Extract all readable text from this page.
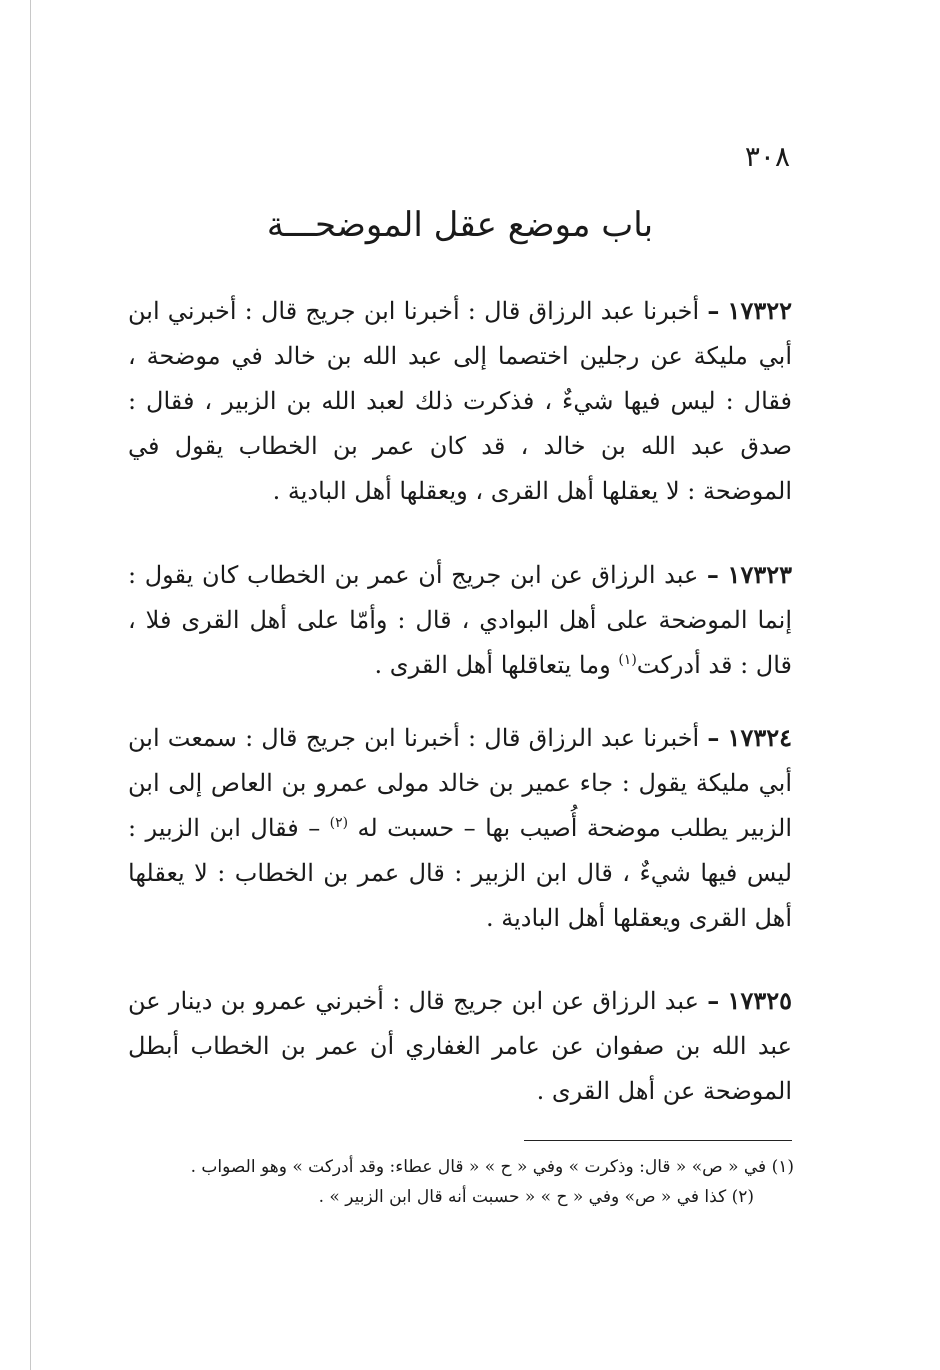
٣٠٨
باب موضع عقل الموضحـــة

١٧٣٢٢ – أخبرنا عبد الرزاق قال : أخبرنا ابن جريج قال : أخبرني ابن أبي مليكة عن رجلين اختصما إلى عبد الله بن خالد في موضحة ، فقال : ليس فيها شيءٌ ، فذكرت ذلك لعبد الله بن الزبير ، فقال : صدق عبد الله بن خالد ، قد كان عمر بن الخطاب يقول في الموضحة : لا يعقلها أهل القرى ، ويعقلها أهل البادية .

١٧٣٢٣ – عبد الرزاق عن ابن جريج أن عمر بن الخطاب كان يقول : إنما الموضحة على أهل البوادي ، قال : وأمّا على أهل القرى فلا ، قال : قد أدركت$^{(١)}$ وما يتعاقلها أهل القرى .

١٧٣٢٤ – أخبرنا عبد الرزاق قال : أخبرنا ابن جريج قال : سمعت ابن أبي مليكة يقول : جاء عمير بن خالد مولى عمرو بن العاص إلى ابن الزبير يطلب موضحة أُصيب بها – حسبت له $^{(٢)}$ – فقال ابن الزبير : ليس فيها شيءٌ ، قال ابن الزبير : قال عمر بن الخطاب : لا يعقلها أهل القرى ويعقلها أهل البادية .

١٧٣٢٥ – عبد الرزاق عن ابن جريج قال : أخبرني عمرو بن دينار عن عبد الله بن صفوان عن عامر الغفاري أن عمر بن الخطاب أبطل الموضحة عن أهل القرى .

(١) في « ص» « قال: وذكرت » وفي « ح » « قال عطاء: وقد أدركت » وهو الصواب .
(٢) كذا في « ص» وفي « ح » « حسبت أنه قال ابن الزبير » .
